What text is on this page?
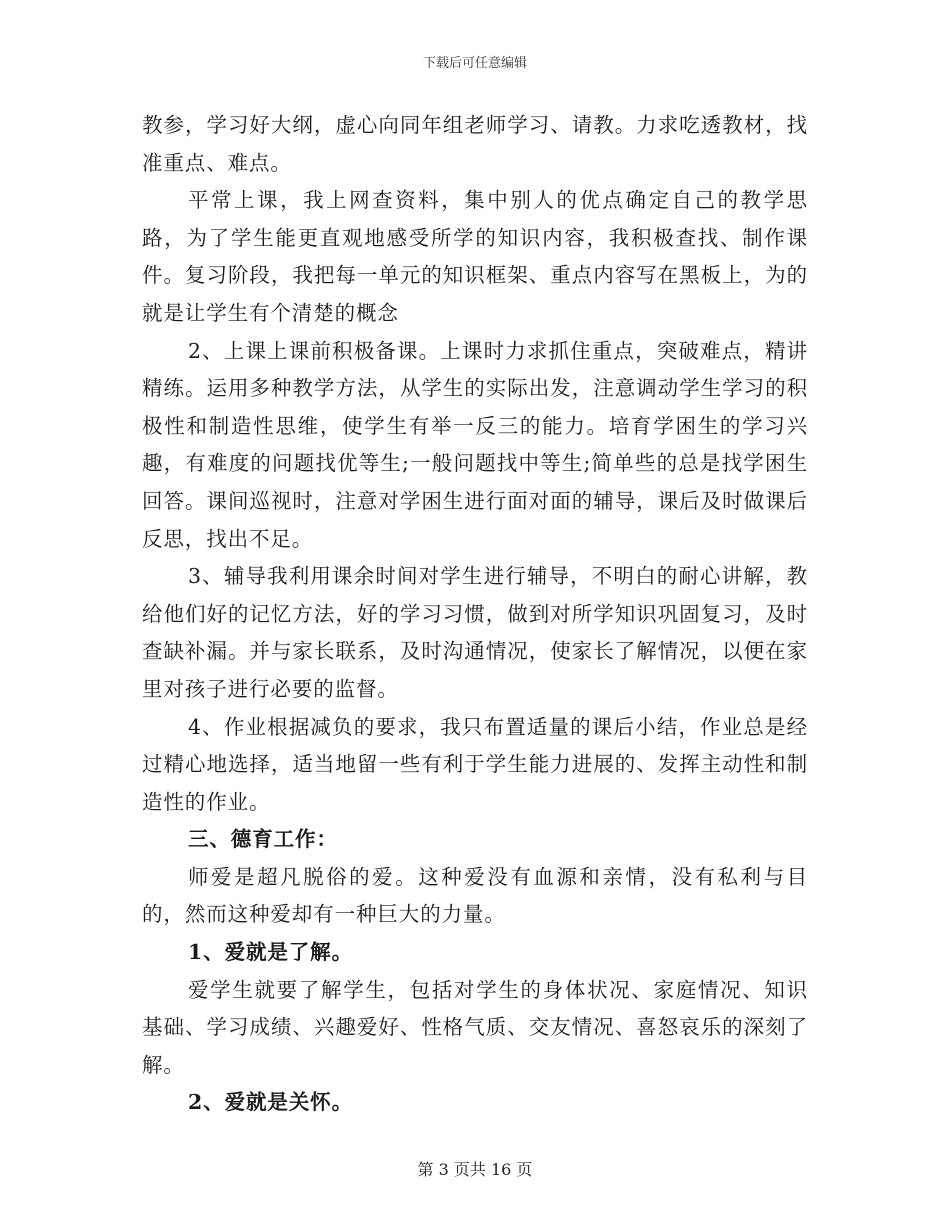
下载后可任意编辑

教参，学习好大纲，虚心向同年组老师学习、请教。力求吃透教材，找准重点、难点。

平常上课，我上网查资料，集中别人的优点确定自己的教学思路，为了学生能更直观地感受所学的知识内容，我积极查找、制作课件。复习阶段，我把每一单元的知识框架、重点内容写在黑板上，为的就是让学生有个清楚的概念

2、上课上课前积极备课。上课时力求抓住重点，突破难点，精讲精练。运用多种教学方法，从学生的实际出发，注意调动学生学习的积极性和制造性思维，使学生有举一反三的能力。培育学困生的学习兴趣，有难度的问题找优等生;一般问题找中等生;简单些的总是找学困生回答。课间巡视时，注意对学困生进行面对面的辅导，课后及时做课后反思，找出不足。

3、辅导我利用课余时间对学生进行辅导，不明白的耐心讲解，教给他们好的记忆方法，好的学习习惯，做到对所学知识巩固复习，及时查缺补漏。并与家长联系，及时沟通情况，使家长了解情况，以便在家里对孩子进行必要的监督。

4、作业根据减负的要求，我只布置适量的课后小结，作业总是经过精心地选择，适当地留一些有利于学生能力进展的、发挥主动性和制造性的作业。

三、德育工作：

师爱是超凡脱俗的爱。这种爱没有血源和亲情，没有私利与目的，然而这种爱却有一种巨大的力量。

1、爱就是了解。

爱学生就要了解学生，包括对学生的身体状况、家庭情况、知识基础、学习成绩、兴趣爱好、性格气质、交友情况、喜怒哀乐的深刻了解。

2、爱就是关怀。

第 3 页共 16 页
